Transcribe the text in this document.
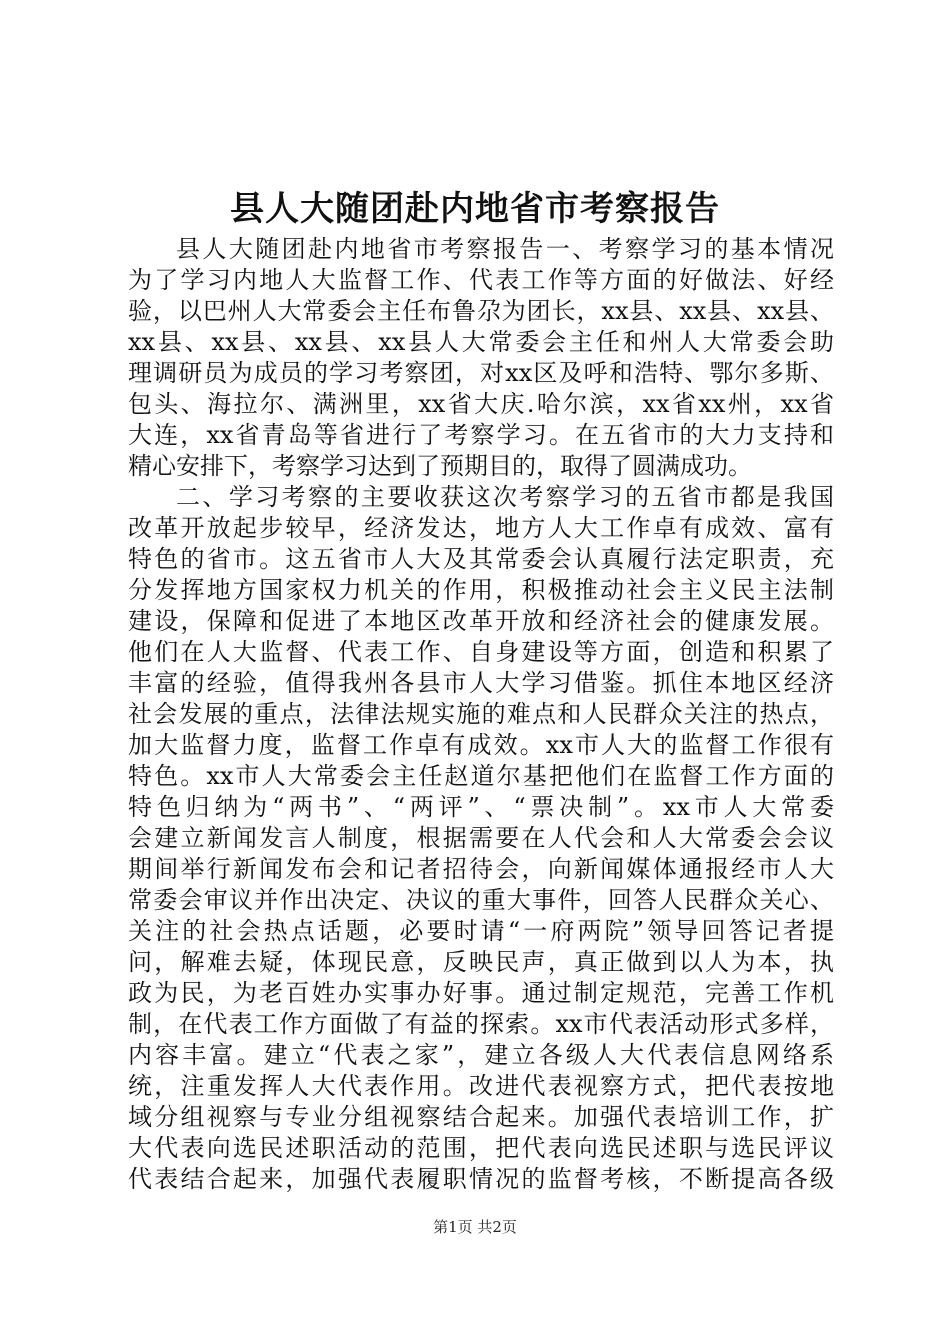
县人大随团赴内地省市考察报告
县人大随团赴内地省市考察报告一、考察学习的基本情况
为了学习内地人大监督工作、代表工作等方面的好做法、好经
验，以巴州人大常委会主任布鲁尕为团长，xx县、xx县、xx县、
xx县、xx县、xx县、xx县人大常委会主任和州人大常委会助
理调研员为成员的学习考察团，对xx区及呼和浩特、鄂尔多斯、
包头、海拉尔、满洲里，xx省大庆.哈尔滨，xx省xx州，xx省
大连，xx省青岛等省进行了考察学习。在五省市的大力支持和
精心安排下，考察学习达到了预期目的，取得了圆满成功。
二、学习考察的主要收获这次考察学习的五省市都是我国
改革开放起步较早，经济发达，地方人大工作卓有成效、富有
特色的省市。这五省市人大及其常委会认真履行法定职责，充
分发挥地方国家权力机关的作用，积极推动社会主义民主法制
建设，保障和促进了本地区改革开放和经济社会的健康发展。
他们在人大监督、代表工作、自身建设等方面，创造和积累了
丰富的经验，值得我州各县市人大学习借鉴。抓住本地区经济
社会发展的重点，法律法规实施的难点和人民群众关注的热点，
加大监督力度，监督工作卓有成效。xx市人大的监督工作很有
特色。xx市人大常委会主任赵道尔基把他们在监督工作方面的
特色归纳为“两书”、“两评”、“票决制”。xx市人大常委
会建立新闻发言人制度，根据需要在人代会和人大常委会会议
期间举行新闻发布会和记者招待会，向新闻媒体通报经市人大
常委会审议并作出决定、决议的重大事件，回答人民群众关心、
关注的社会热点话题，必要时请“一府两院”领导回答记者提
问，解难去疑，体现民意，反映民声，真正做到以人为本，执
政为民，为老百姓办实事办好事。通过制定规范，完善工作机
制，在代表工作方面做了有益的探索。xx市代表活动形式多样，
内容丰富。建立“代表之家”，建立各级人大代表信息网络系
统，注重发挥人大代表作用。改进代表视察方式，把代表按地
域分组视察与专业分组视察结合起来。加强代表培训工作，扩
大代表向选民述职活动的范围，把代表向选民述职与选民评议
代表结合起来，加强代表履职情况的监督考核，不断提高各级
第1页 共2页
